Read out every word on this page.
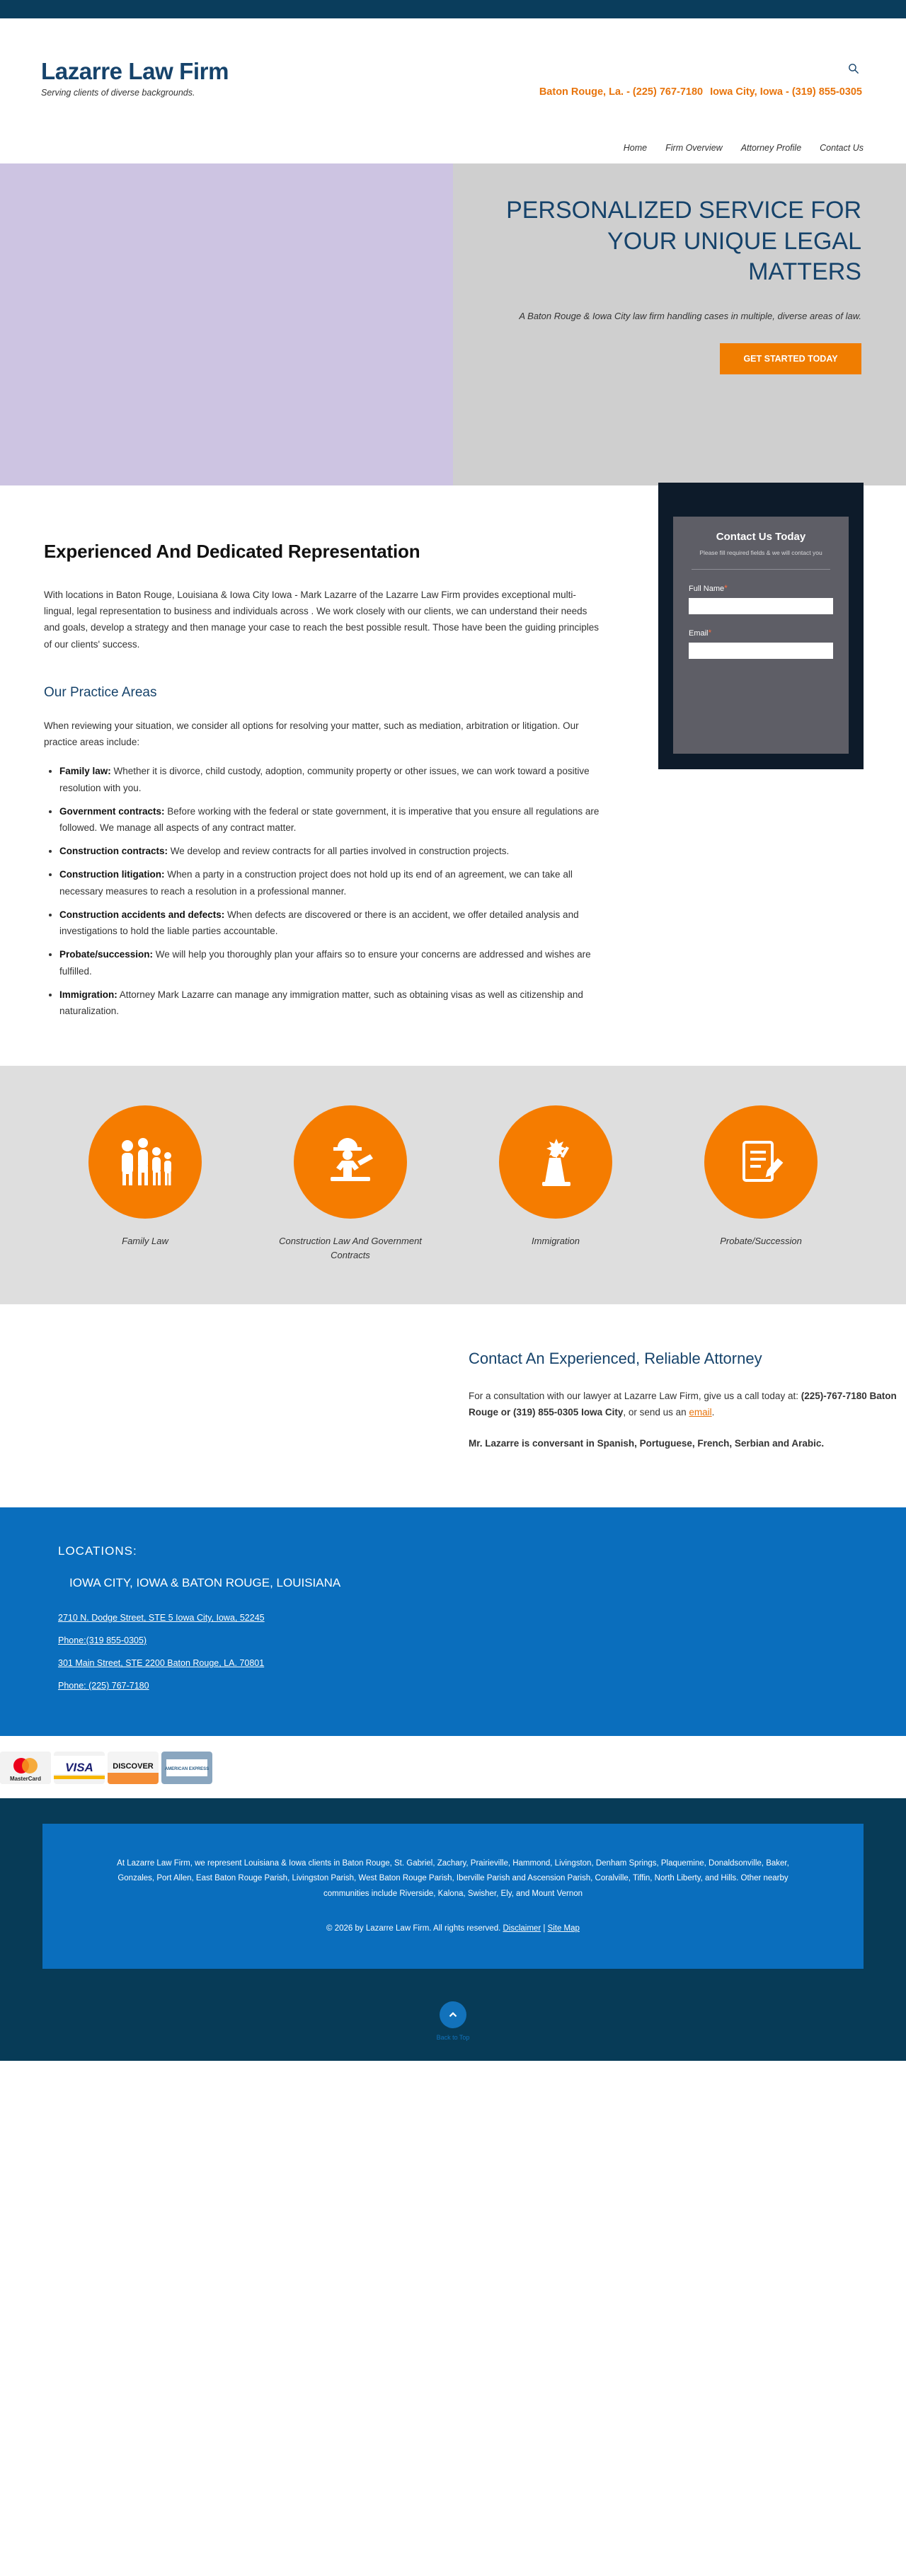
Lazarre Law Firm
Serving clients of diverse backgrounds.	Baton Rouge, La. - (225) 767-7180 Iowa City, Iowa - (319) 855-0305
Home Firm Overview Attorney Profile Contact Us
PERSONALIZED SERVICE FOR YOUR UNIQUE LEGAL MATTERS
A Baton Rouge & Iowa City law firm handling cases in multiple, diverse areas of law.
GET STARTED TODAY
Contact Us Today
Please fill required fields & we will contact you
Full Name*
Email*
Experienced And Dedicated Representation

With locations in Baton Rouge, Louisiana & Iowa City Iowa - Mark Lazarre of the Lazarre Law Firm provides exceptional multi-lingual, legal representation to business and individuals across . We work closely with our clients, we can understand their needs and goals, develop a strategy and then manage your case to reach the best possible result. Those have been the guiding principles of our clients' success.

Our Practice Areas

When reviewing your situation, we consider all options for resolving your matter, such as mediation, arbitration or litigation. Our practice areas include:

• Family law: Whether it is divorce, child custody, adoption, community property or other issues, we can work toward a positive resolution with you.
• Government contracts: Before working with the federal or state government, it is imperative that you ensure all regulations are followed. We manage all aspects of any contract matter.
• Construction contracts: We develop and review contracts for all parties involved in construction projects.
• Construction litigation: When a party in a construction project does not hold up its end of an agreement, we can take all necessary measures to reach a resolution in a professional manner.
• Construction accidents and defects: When defects are discovered or there is an accident, we offer detailed analysis and investigations to hold the liable parties accountable.
• Probate/succession: We will help you thoroughly plan your affairs so to ensure your concerns are addressed and wishes are fulfilled.
• Immigration: Attorney Mark Lazarre can manage any immigration matter, such as obtaining visas as well as citizenship and naturalization.
Family Law	Construction Law And Government Contracts
Immigration	Probate/Succession
Contact An Experienced, Reliable Attorney

For a consultation with our lawyer at Lazarre Law Firm, give us a call today at: (225)-767-7180 Baton Rouge or (319) 855-0305 Iowa City, or send us an email.

Mr. Lazarre is conversant in Spanish, Portuguese, French, Serbian and Arabic.

LOCATIONS:
IOWA CITY, IOWA & BATON ROUGE, LOUISIANA
2710 N. Dodge Street, STE 5 Iowa City, Iowa, 52245
Phone:(319 855-0305)
301 Main Street, STE 2200 Baton Rouge, LA. 70801
Phone: (225) 767-7180
MasterCard
VISA DISCOVER	AMERICAN EXPRESS

At Lazarre Law Firm, we represent Louisiana & Iowa clients in Baton Rouge, St. Gabriel, Zachary, Prairieville, Hammond, Livingston, Denham Springs, Plaquemine, Donaldsonville, Baker, Gonzales, Port Allen, East Baton Rouge Parish, Livingston Parish, West Baton Rouge Parish, Iberville Parish and Ascension Parish, Coralville, Tiffin, North Liberty, and Hills. Other nearby communities include Riverside, Kalona, Swisher, Ely, and Mount Vernon

© 2026 by Lazarre Law Firm. All rights reserved. Disclaimer | Site Map

Back to Top
